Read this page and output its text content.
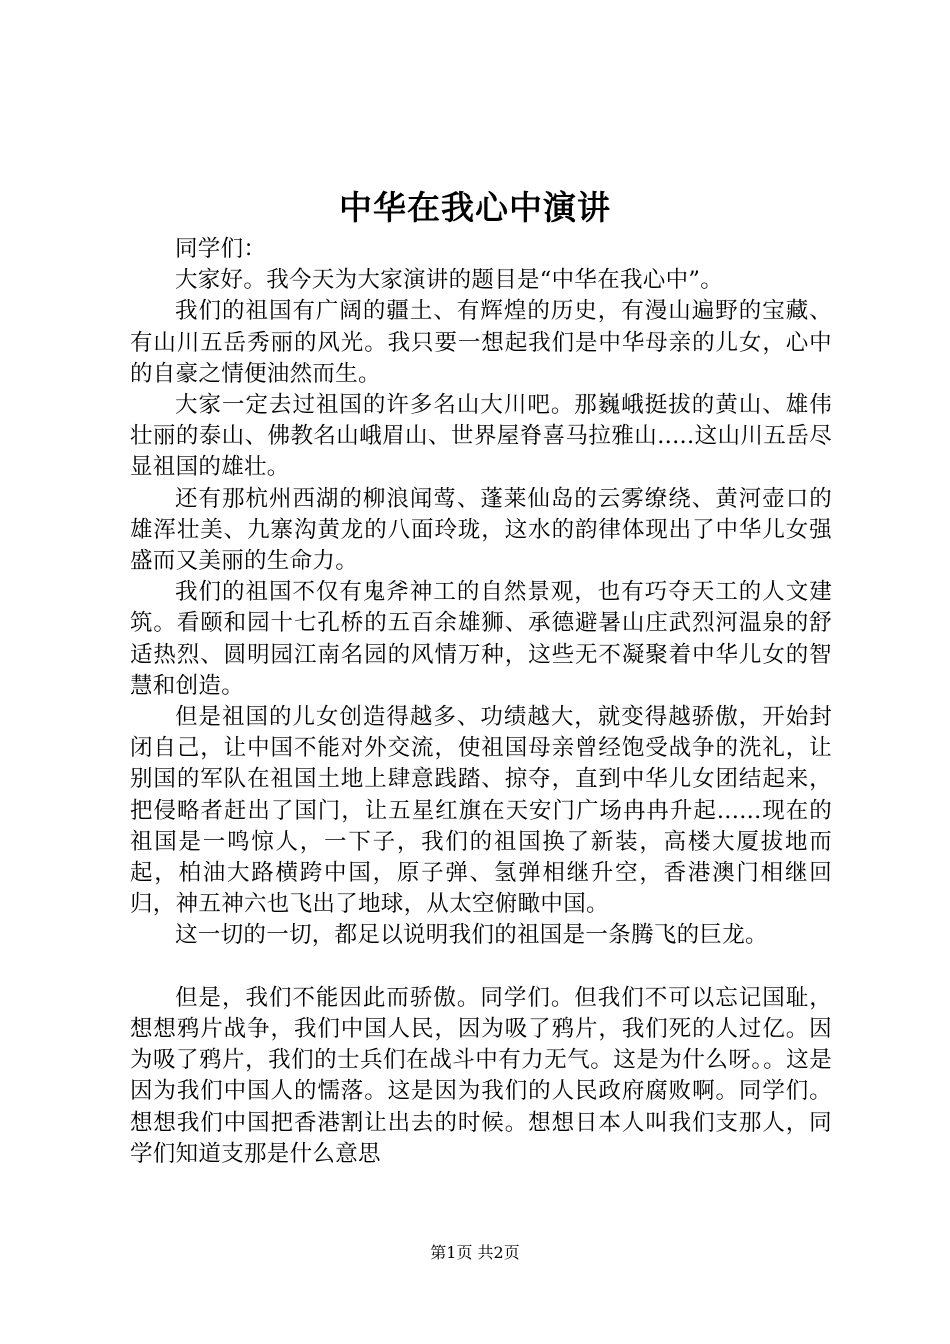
中华在我心中演讲

同学们：

大家好。我今天为大家演讲的题目是“中华在我心中”。

我们的祖国有广阔的疆土、有辉煌的历史，有漫山遍野的宝藏、有山川五岳秀丽的风光。我只要一想起我们是中华母亲的儿女，心中的自豪之情便油然而生。

大家一定去过祖国的许多名山大川吧。那巍峨挺拔的黄山、雄伟壮丽的泰山、佛教名山峨眉山、世界屋脊喜马拉雅山.....这山川五岳尽显祖国的雄壮。

还有那杭州西湖的柳浪闻莺、蓬莱仙岛的云雾缭绕、黄河壶口的雄浑壮美、九寨沟黄龙的八面玲珑，这水的韵律体现出了中华儿女强盛而又美丽的生命力。

我们的祖国不仅有鬼斧神工的自然景观，也有巧夺天工的人文建筑。看颐和园十七孔桥的五百余雄狮、承德避暑山庄武烈河温泉的舒适热烈、圆明园江南名园的风情万种，这些无不凝聚着中华儿女的智慧和创造。

但是祖国的儿女创造得越多、功绩越大，就变得越骄傲，开始封闭自己，让中国不能对外交流，使祖国母亲曾经饱受战争的洗礼，让别国的军队在祖国土地上肆意践踏、掠夺，直到中华儿女团结起来，把侵略者赶出了国门，让五星红旗在天安门广场冉冉升起......现在的祖国是一鸣惊人，一下子，我们的祖国换了新装，高楼大厦拔地而起，柏油大路横跨中国，原子弹、氢弹相继升空，香港澳门相继回归，神五神六也飞出了地球，从太空俯瞰中国。

这一切的一切，都足以说明我们的祖国是一条腾飞的巨龙。

但是，我们不能因此而骄傲。同学们。但我们不可以忘记国耻，想想鸦片战争，我们中国人民，因为吸了鸦片，我们死的人过亿。因为吸了鸦片，我们的士兵们在战斗中有力无气。这是为什么呀。。这是因为我们中国人的懦落。这是因为我们的人民政府腐败啊。同学们。想想我们中国把香港割让出去的时候。想想日本人叫我们支那人，同学们知道支那是什么意思

第1页 共2页
